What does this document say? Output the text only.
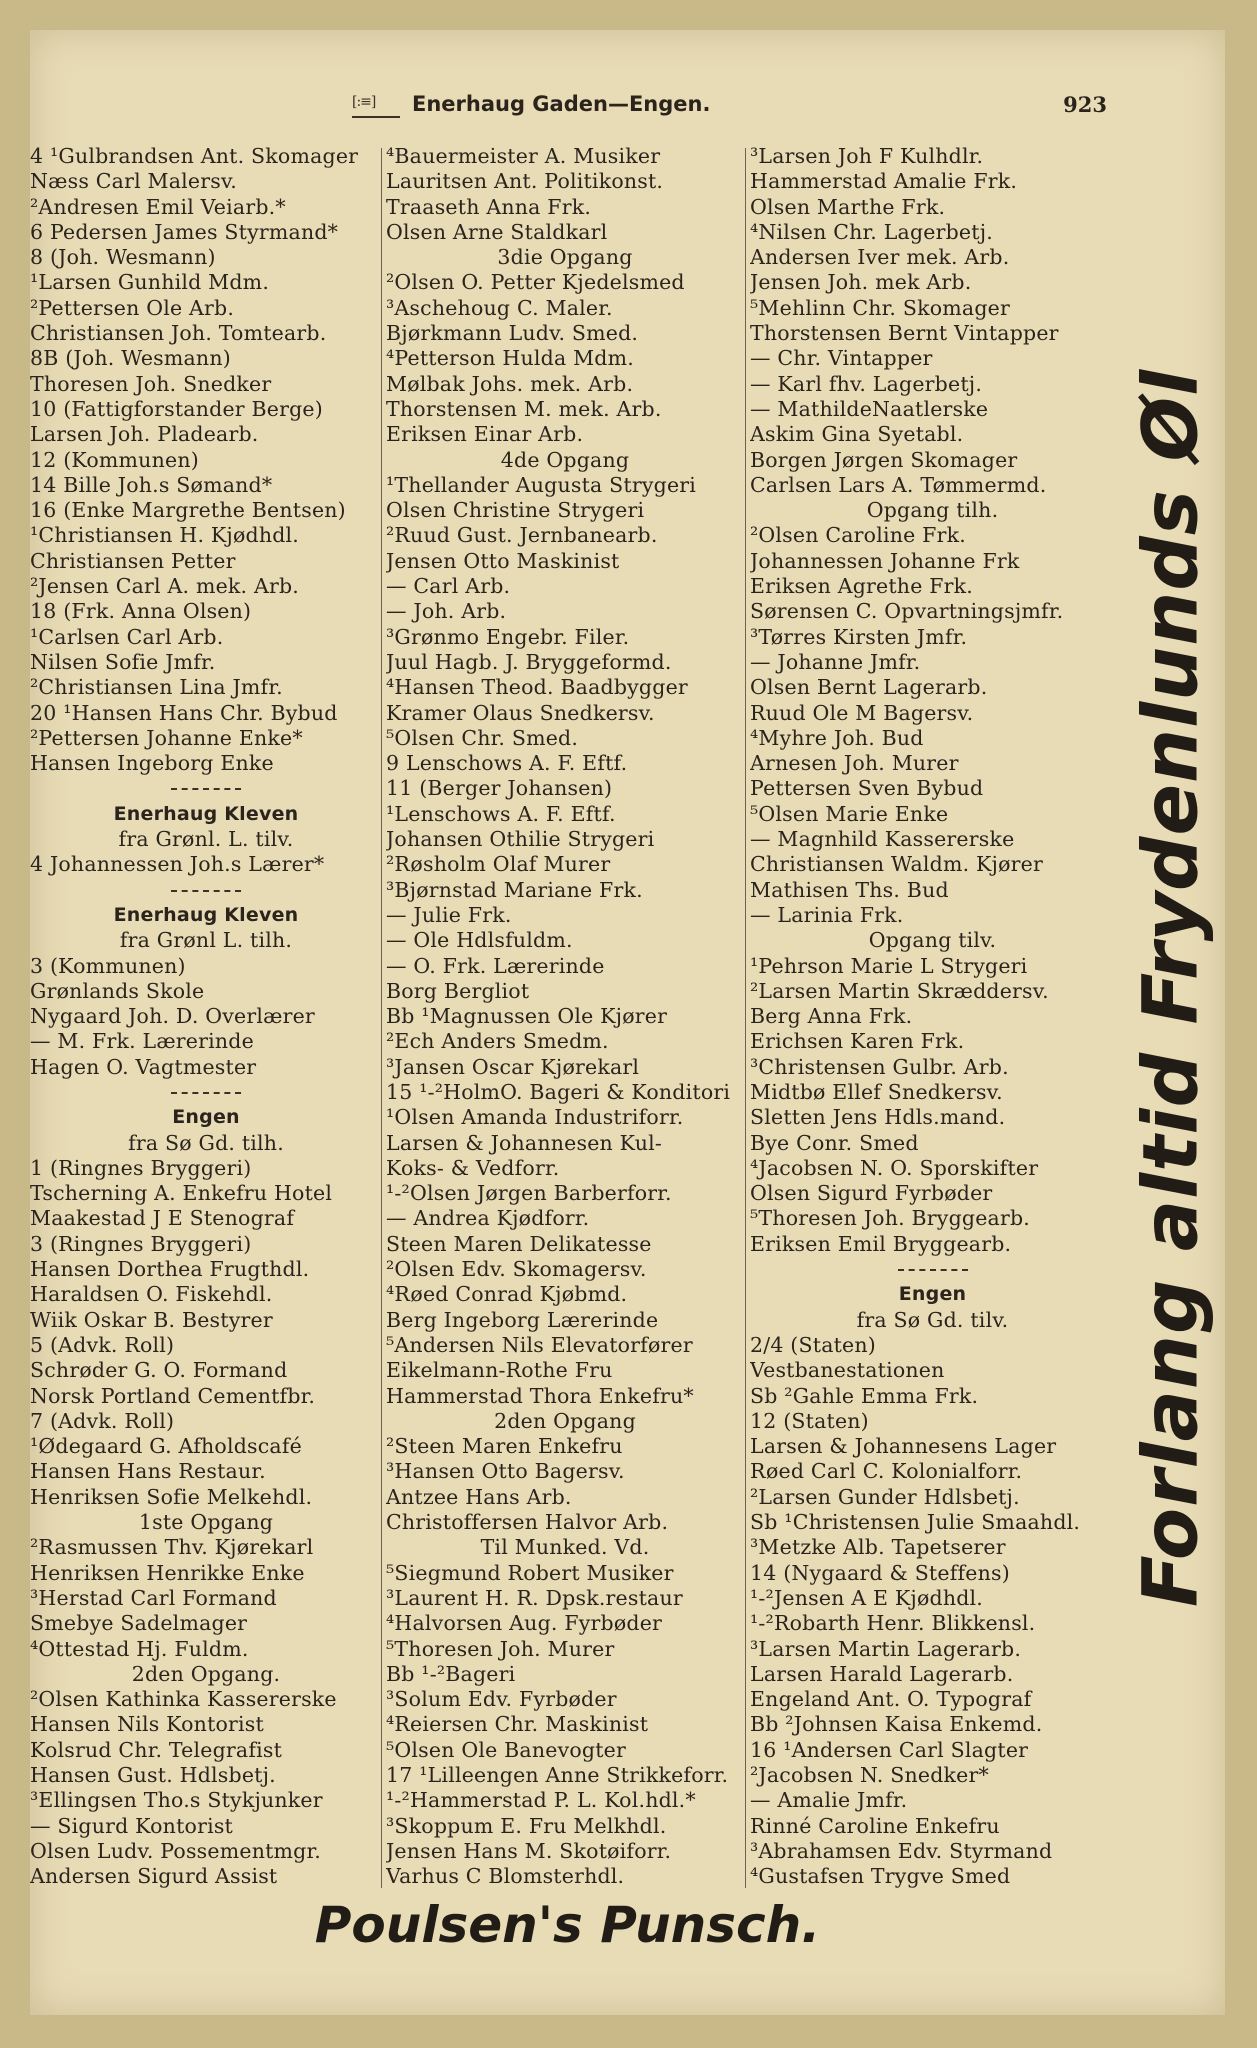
[:≡]	Enerhaug Gaden—Engen.	923
4 ¹Gulbrandsen Ant. Skomager
Næss Carl Malersv.
²Andresen Emil Veiarb.*
6 Pedersen James Styrmand*
8 (Joh. Wesmann)
¹Larsen Gunhild Mdm.
²Pettersen Ole Arb.
Christiansen Joh. Tomtearb.
8B (Joh. Wesmann)
Thoresen Joh. Snedker
10 (Fattigforstander Berge)
Larsen Joh. Pladearb.
12 (Kommunen)
14 Bille Joh.s Sømand*
16 (Enke Margrethe Bentsen)
¹Christiansen H. Kjødhdl.
Christiansen Petter
²Jensen Carl A. mek. Arb.
18 (Frk. Anna Olsen)
¹Carlsen Carl Arb.
Nilsen Sofie Jmfr.
²Christiansen Lina Jmfr.
20 ¹Hansen Hans Chr. Bybud
²Pettersen Johanne Enke*
Hansen Ingeborg Enke
Enerhaug Kleven
fra Grønl. L. tilv.
4 Johannessen Joh.s Lærer*
Enerhaug Kleven
fra Grønl L. tilh.
3 (Kommunen)
Grønlands Skole
Nygaard Joh. D. Overlærer
— M. Frk. Lærerinde
Hagen O. Vagtmester
Engen
fra Sø Gd. tilh.
1 (Ringnes Bryggeri)
Tscherning A. Enkefru Hotel
Maakestad J E Stenograf
3 (Ringnes Bryggeri)
Hansen Dorthea Frugthdl.
Haraldsen O. Fiskehdl.
Wiik Oskar B. Bestyrer
5 (Advk. Roll)
Schrøder G. O. Formand
Norsk Portland Cementfbr.
7 (Advk. Roll)
¹Ødegaard G. Afholdscafé
Hansen Hans Restaur.
Henriksen Sofie Melkehdl.
1ste Opgang
²Rasmussen Thv. Kjørekarl
Henriksen Henrikke Enke
³Herstad Carl Formand
Smebye Sadelmager
⁴Ottestad Hj. Fuldm.
2den Opgang.
²Olsen Kathinka Kassererske
Hansen Nils Kontorist
Kolsrud Chr. Telegrafist
Hansen Gust. Hdlsbetj.
³Ellingsen Tho.s Stykjunker
— Sigurd Kontorist
Olsen Ludv. Possementmgr.
Andersen Sigurd Assist
⁴Bauermeister A. Musiker
Lauritsen Ant. Politikonst.
Traaseth Anna Frk.
Olsen Arne Staldkarl
3die Opgang
²Olsen O. Petter Kjedelsmed
³Aschehoug C. Maler.
Bjørkmann Ludv. Smed.
⁴Petterson Hulda Mdm.
Mølbak Johs. mek. Arb.
Thorstensen M. mek. Arb.
Eriksen Einar Arb.
4de Opgang
¹Thellander Augusta Strygeri
Olsen Christine Strygeri
²Ruud Gust. Jernbanearb.
Jensen Otto Maskinist
— Carl Arb.
— Joh. Arb.
³Grønmo Engebr. Filer.
Juul Hagb. J. Bryggeformd.
⁴Hansen Theod. Baadbygger
Kramer Olaus Snedkersv.
⁵Olsen Chr. Smed.
9 Lenschows A. F. Eftf.
11 (Berger Johansen)
¹Lenschows A. F. Eftf.
Johansen Othilie Strygeri
²Røsholm Olaf Murer
³Bjørnstad Mariane Frk.
— Julie Frk.
— Ole Hdlsfuldm.
— O. Frk. Lærerinde
Borg Bergliot
Bb ¹Magnussen Ole Kjører
²Ech Anders Smedm.
³Jansen Oscar Kjørekarl
15 ¹-²HolmO. Bageri & Konditori
¹Olsen Amanda Industriforr.
Larsen & Johannesen Kul-
Koks- & Vedforr.
¹-²Olsen Jørgen Barberforr.
— Andrea Kjødforr.
Steen Maren Delikatesse
²Olsen Edv. Skomagersv.
⁴Røed Conrad Kjøbmd.
Berg Ingeborg Lærerinde
⁵Andersen Nils Elevatorfører
Eikelmann-Rothe Fru
Hammerstad Thora Enkefru*
2den Opgang
²Steen Maren Enkefru
³Hansen Otto Bagersv.
Antzee Hans Arb.
Christoffersen Halvor Arb.
Til Munked. Vd.
⁵Siegmund Robert Musiker
³Laurent H. R. Dpsk.restaur
⁴Halvorsen Aug. Fyrbøder
⁵Thoresen Joh. Murer
Bb ¹-²Bageri
³Solum Edv. Fyrbøder
⁴Reiersen Chr. Maskinist
⁵Olsen Ole Banevogter
17 ¹Lilleengen Anne Strikkeforr.
¹-²Hammerstad P. L. Kol.hdl.*
³Skoppum E. Fru Melkhdl.
Jensen Hans M. Skotøiforr.
Varhus C Blomsterhdl.
³Larsen Joh F Kulhdlr.
Hammerstad Amalie Frk.
Olsen Marthe Frk.
⁴Nilsen Chr. Lagerbetj.
Andersen Iver mek. Arb.
Jensen Joh. mek Arb.
⁵Mehlinn Chr. Skomager
Thorstensen Bernt Vintapper
— Chr. Vintapper
— Karl fhv. Lagerbetj.
— MathildeNaatlerske
Askim Gina Syetabl.
Borgen Jørgen Skomager
Carlsen Lars A. Tømmermd.
Opgang tilh.
²Olsen Caroline Frk.
Johannessen Johanne Frk
Eriksen Agrethe Frk.
Sørensen C. Opvartningsjmfr.
³Tørres Kirsten Jmfr.
— Johanne Jmfr.
Olsen Bernt Lagerarb.
Ruud Ole M Bagersv.
⁴Myhre Joh. Bud
Arnesen Joh. Murer
Pettersen Sven Bybud
⁵Olsen Marie Enke
— Magnhild Kassererske
Christiansen Waldm. Kjører
Mathisen Ths. Bud
— Larinia Frk.
Opgang tilv.
¹Pehrson Marie L Strygeri
²Larsen Martin Skræddersv.
Berg Anna Frk.
Erichsen Karen Frk.
³Christensen Gulbr. Arb.
Midtbø Ellef Snedkersv.
Sletten Jens Hdls.mand.
Bye Conr. Smed
⁴Jacobsen N. O. Sporskifter
Olsen Sigurd Fyrbøder
⁵Thoresen Joh. Bryggearb.
Eriksen Emil Bryggearb.
Engen
fra Sø Gd. tilv.
2/4 (Staten)
Vestbanestationen
Sb ²Gahle Emma Frk.
12 (Staten)
Larsen & Johannesens Lager
Røed Carl C. Kolonialforr.
²Larsen Gunder Hdlsbetj.
Sb ¹Christensen Julie Smaahdl.
³Metzke Alb. Tapetserer
14 (Nygaard & Steffens)
¹-²Jensen A E Kjødhdl.
¹-²Robarth Henr. Blikkensl.
³Larsen Martin Lagerarb.
Larsen Harald Lagerarb.
Engeland Ant. O. Typograf
Bb ²Johnsen Kaisa Enkemd.
16 ¹Andersen Carl Slagter
²Jacobsen N. Snedker*
— Amalie Jmfr.
Rinné Caroline Enkefru
³Abrahamsen Edv. Styrmand
⁴Gustafsen Trygve Smed
Forlang altid Frydenlunds Øl
Poulsen's Punsch.
